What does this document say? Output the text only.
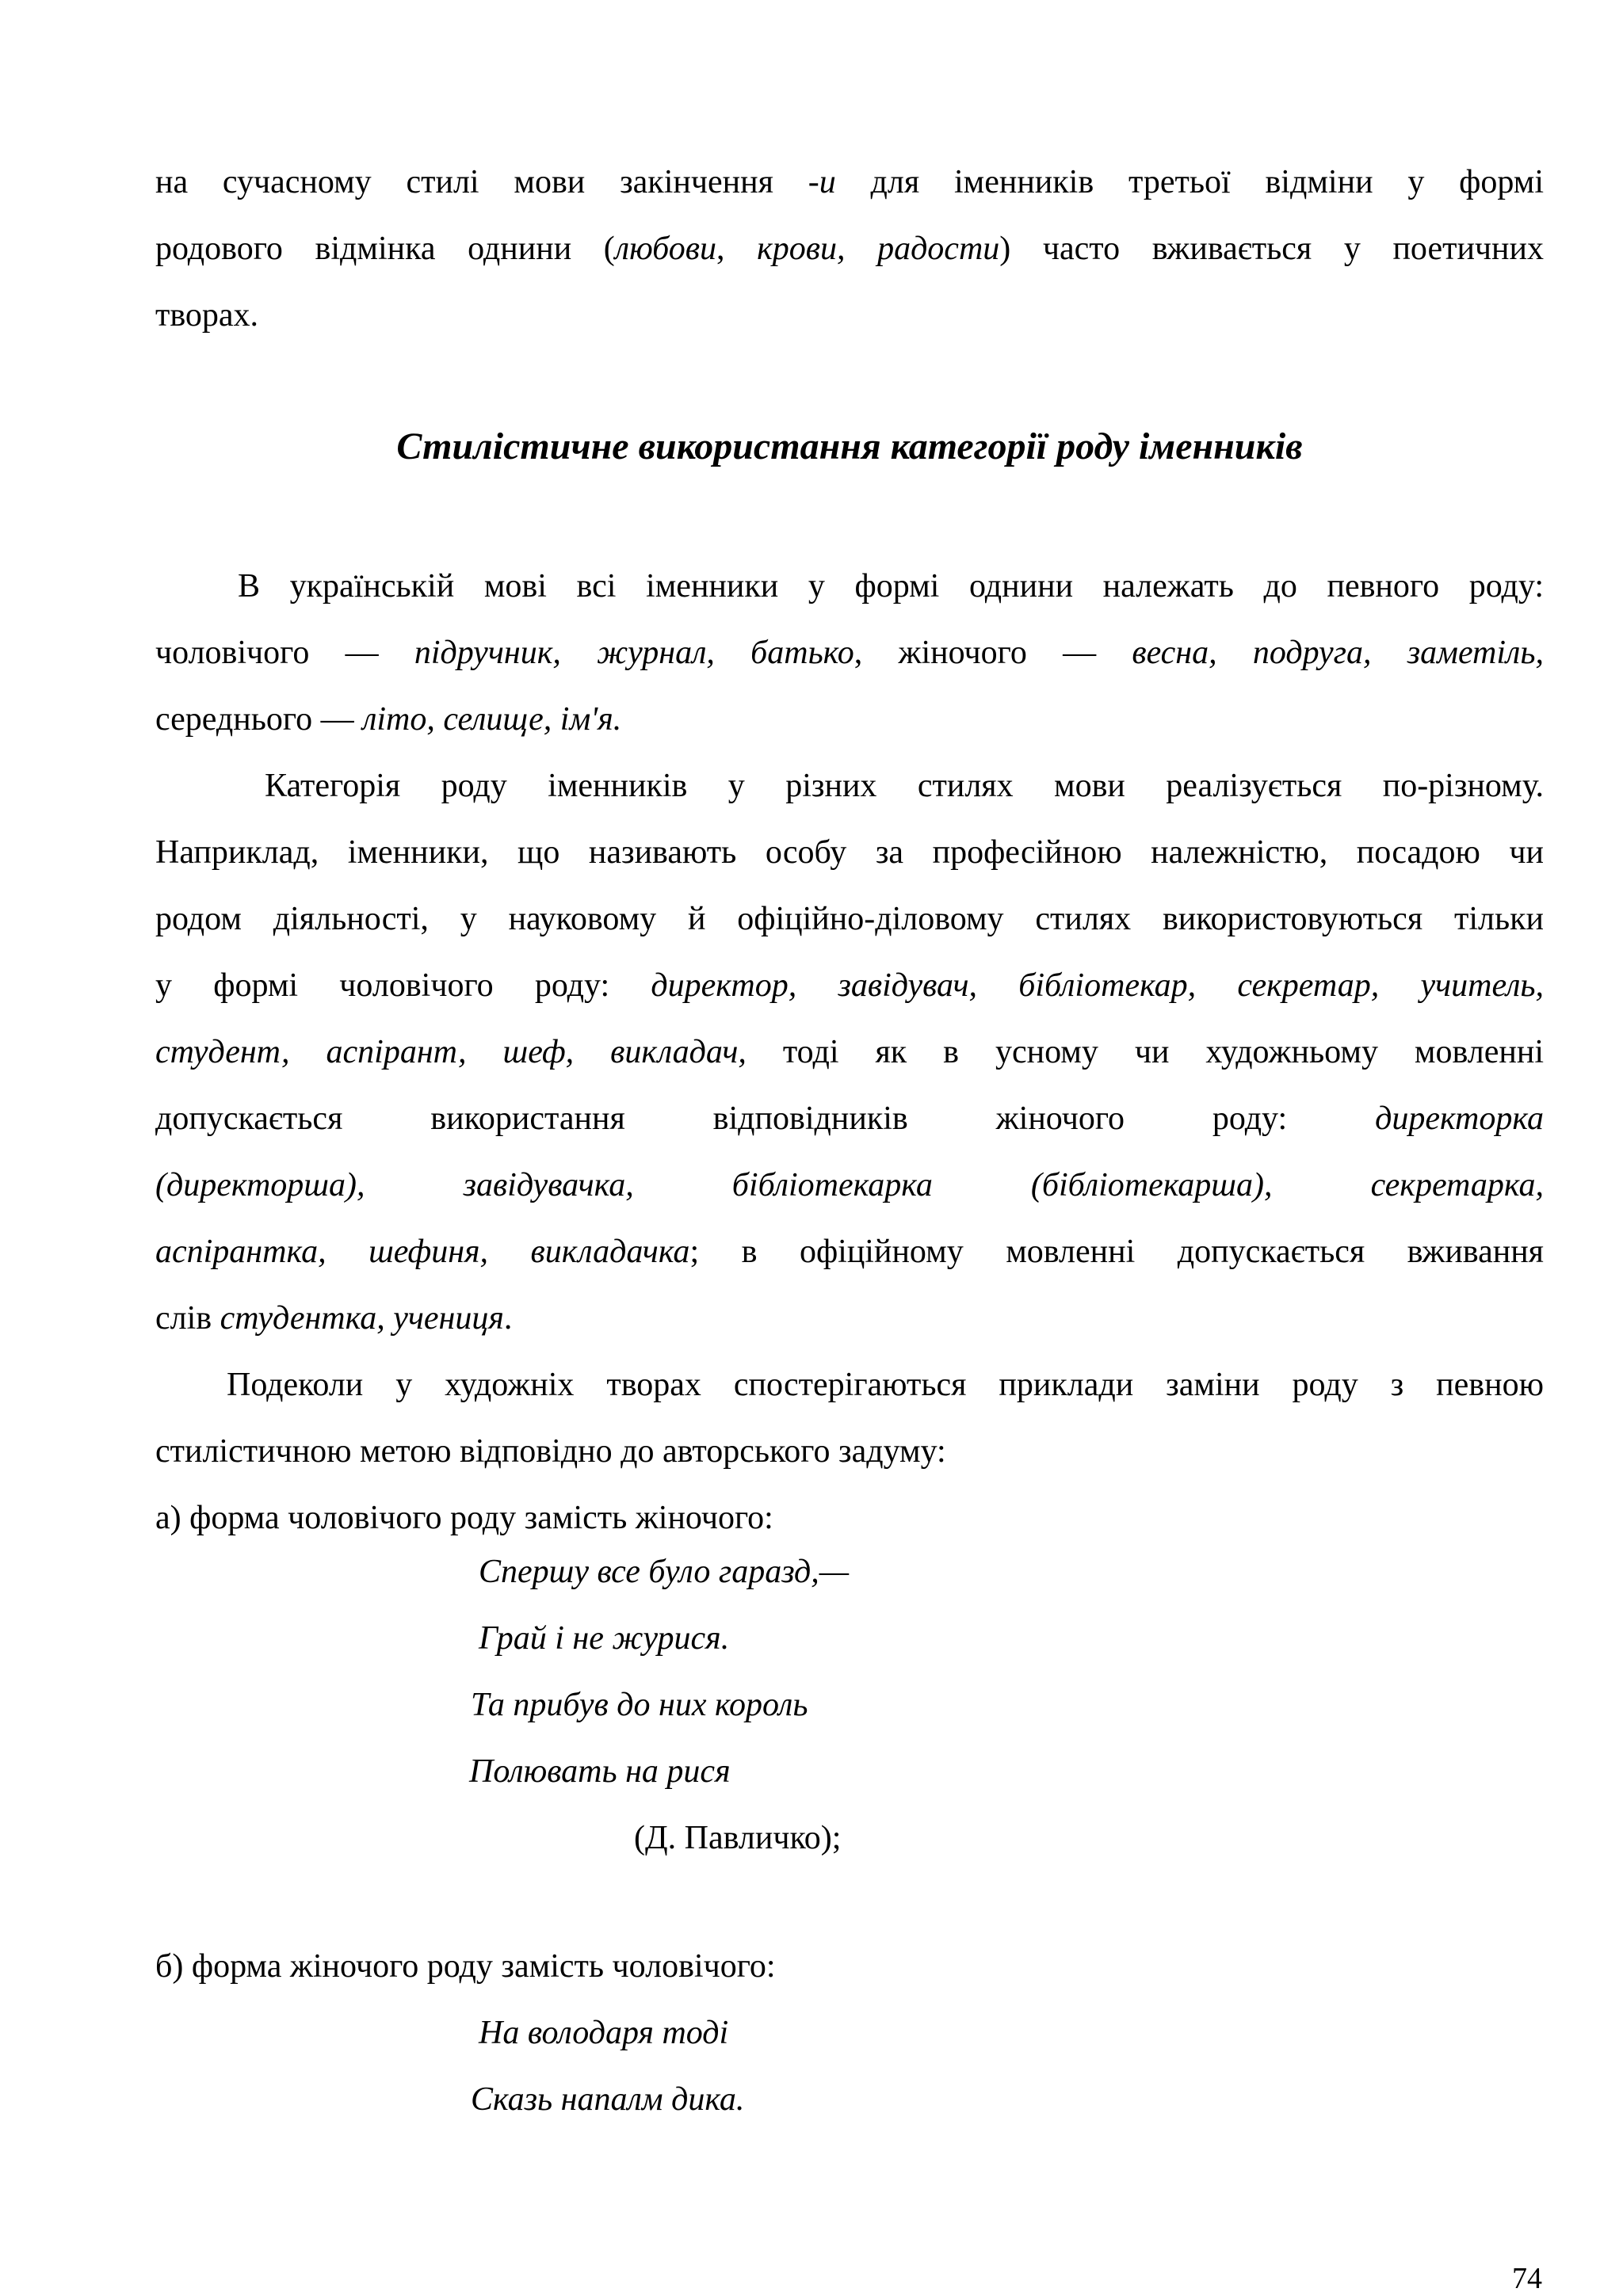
на сучасному стилі мови закінчення -и для іменників третьої відміни у формі
родового відмінка однини (любови, крови, радости) часто вживається у поетичних
творах.
Стилістичне використання категорії роду іменників
В українській мові всі іменники у формі однини належать до певного роду:
чоловічого — підручник, журнал, батько, жіночого — весна, подруга, заметіль,
середнього — літо, селище, ім'я.
Категорія роду іменників у різних стилях мови реалізується по-різному.
Наприклад, іменники, що називають особу за професійною належністю, посадою чи
родом діяльності, у науковому й офіційно-діловому стилях використовуються тільки
у формі чоловічого роду: директор, завідувач, бібліотекар, секретар, учитель,
студент, аспірант, шеф, викладач, тоді як в усному чи художньому мовленні
допускається використання відповідників жіночого роду: директорка
(директорша), завідувачка, бібліотекарка (бібліотекарша), секретарка,
аспірантка, шефиня, викладачка; в офіційному мовленні допускається вживання
слів студентка, учениця.
Подеколи у художніх творах спостерігаються приклади заміни роду з певною
стилістичною метою відповідно до авторського задуму:
а) форма чоловічого роду замість жіночого:
Спершу все було гаразд,—
Грай і не журися.
Та прибув до них король
Полювать на рися
(Д. Павличко);
б) форма жіночого роду замість чоловічого:
На володаря тоді
Сказь напалм дика.
74
